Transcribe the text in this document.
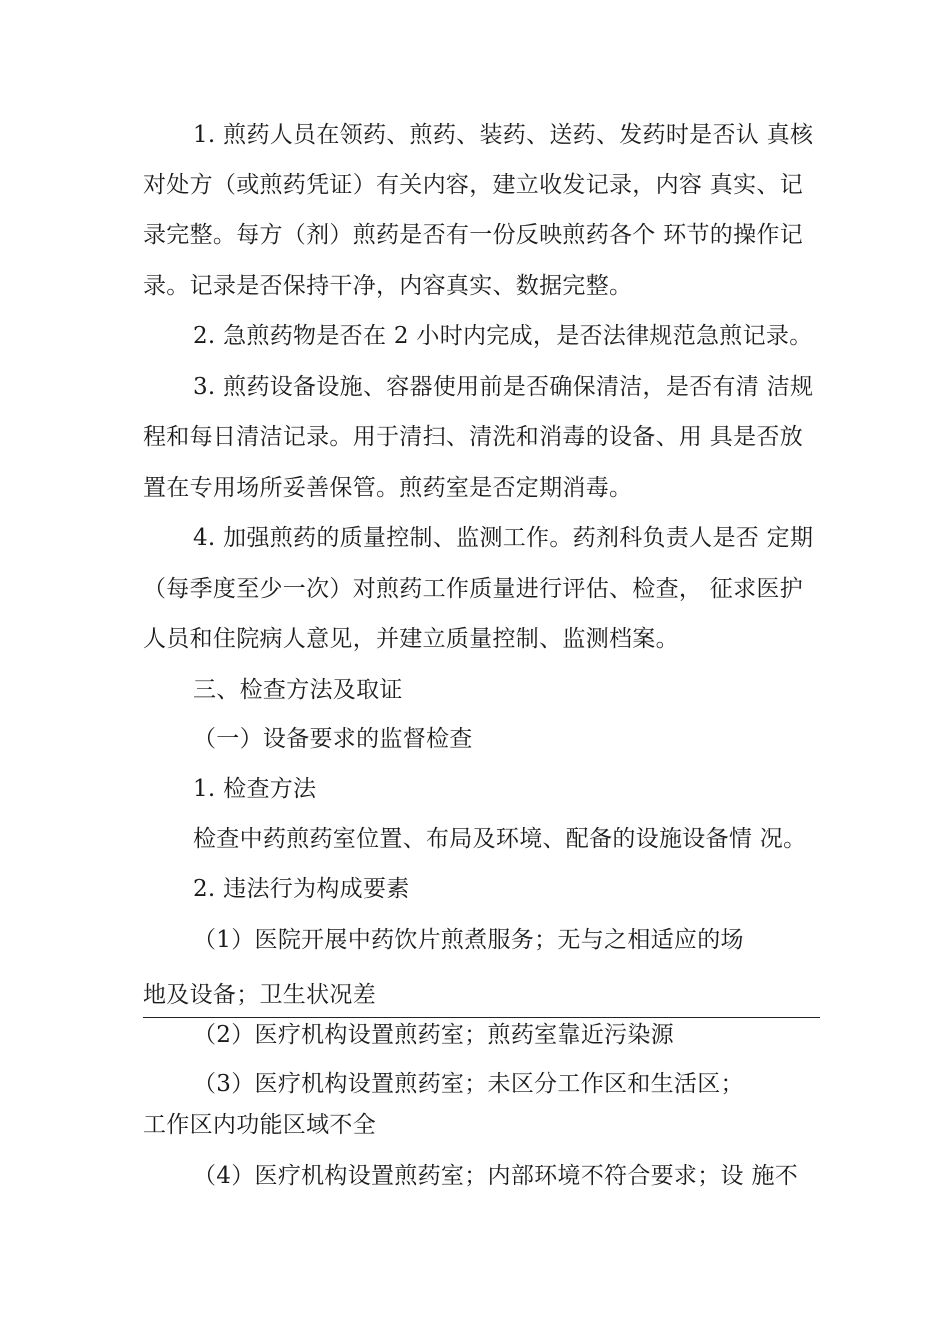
1. 煎药人员在领药、煎药、装药、送药、发药时是否认 真核
对处方（或煎药凭证）有关内容，建立收发记录，内容 真实、记
录完整。每方（剂）煎药是否有一份反映煎药各个 环节的操作记
录。记录是否保持干净，内容真实、数据完整。
2. 急煎药物是否在 2 小时内完成，是否法律规范急煎记录。
3. 煎药设备设施、容器使用前是否确保清洁，是否有清 洁规
程和每日清洁记录。用于清扫、清洗和消毒的设备、用 具是否放
置在专用场所妥善保管。煎药室是否定期消毒。
4. 加强煎药的质量控制、监测工作。药剂科负责人是否 定期
（每季度至少一次）对煎药工作质量进行评估、检查， 征求医护
人员和住院病人意见，并建立质量控制、监测档案。
三、检查方法及取证
（一）设备要求的监督检查
1. 检查方法
检查中药煎药室位置、布局及环境、配备的设施设备情 况。
2. 违法行为构成要素
（1）医院开展中药饮片煎煮服务；无与之相适应的场
地及设备；卫生状况差
（2）医疗机构设置煎药室；煎药室靠近污染源
（3）医疗机构设置煎药室；未区分工作区和生活区；
工作区内功能区域不全
（4）医疗机构设置煎药室；内部环境不符合要求；设 施不
